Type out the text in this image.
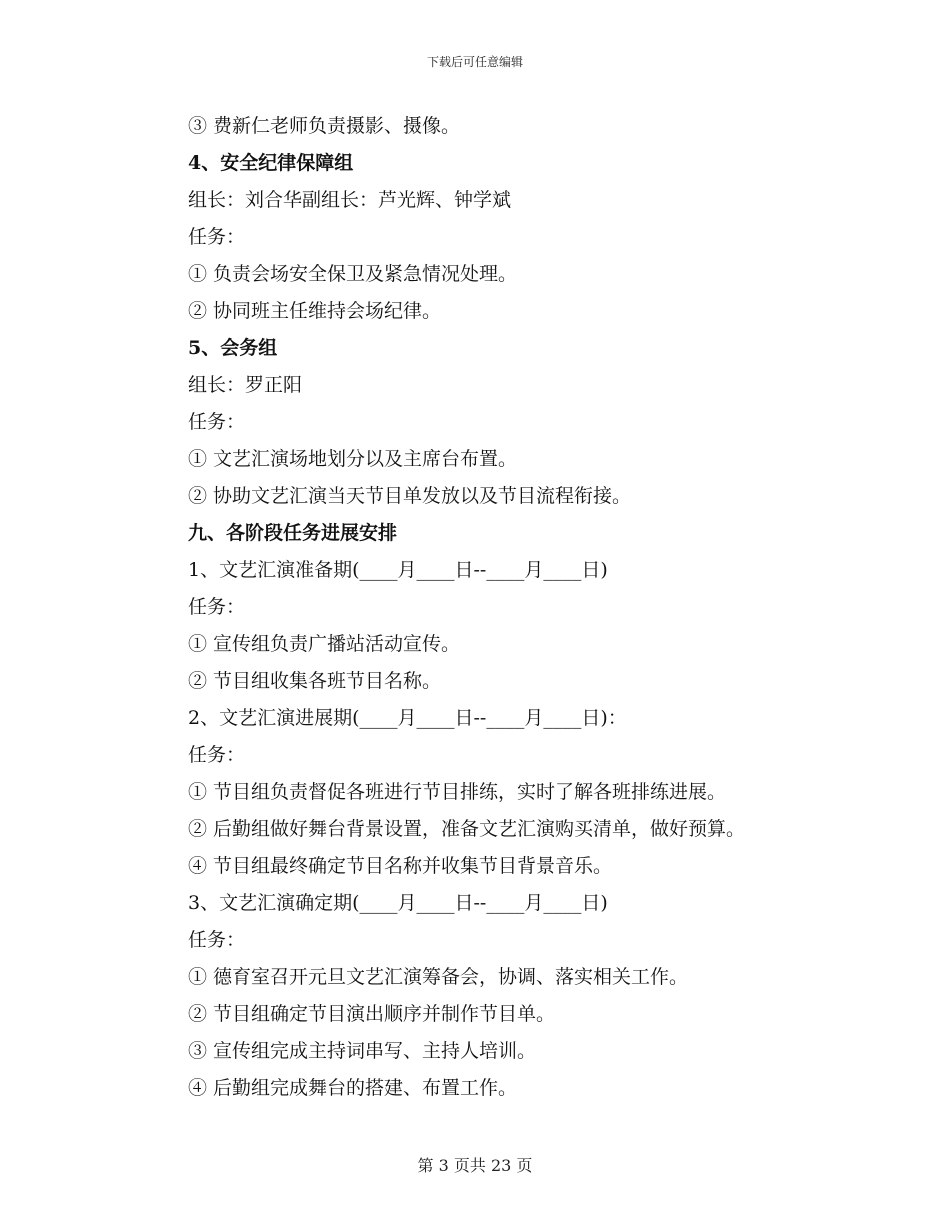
下载后可任意编辑
③ 费新仁老师负责摄影、摄像。
4、安全纪律保障组
组长：刘合华副组长：芦光辉、钟学斌
任务：
① 负责会场安全保卫及紧急情况处理。
② 协同班主任维持会场纪律。
5、会务组
组长：罗正阳
任务：
① 文艺汇演场地划分以及主席台布置。
② 协助文艺汇演当天节目单发放以及节目流程衔接。
九、各阶段任务进展安排
1、文艺汇演准备期(____月____日--____月____日)
任务：
① 宣传组负责广播站活动宣传。
② 节目组收集各班节目名称。
2、文艺汇演进展期(____月____日--____月____日)：
任务：
① 节目组负责督促各班进行节目排练，实时了解各班排练进展。
② 后勤组做好舞台背景设置，准备文艺汇演购买清单，做好预算。
④ 节目组最终确定节目名称并收集节目背景音乐。
3、文艺汇演确定期(____月____日--____月____日)
任务：
① 德育室召开元旦文艺汇演筹备会，协调、落实相关工作。
② 节目组确定节目演出顺序并制作节目单。
③ 宣传组完成主持词串写、主持人培训。
④ 后勤组完成舞台的搭建、布置工作。
第 3 页共 23 页
